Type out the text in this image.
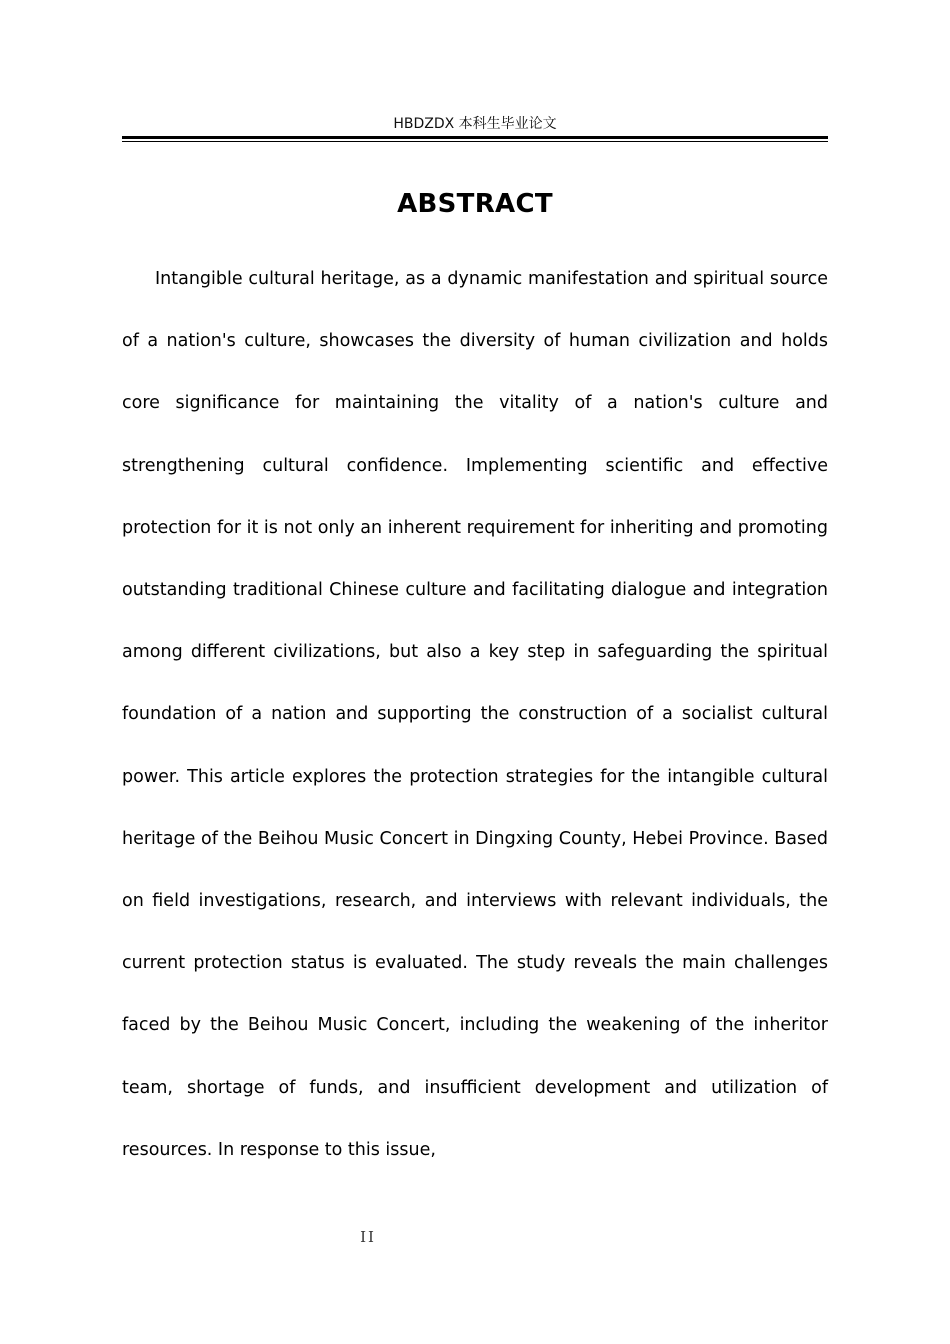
HBDZDX 本科生毕业论文
ABSTRACT

Intangible cultural heritage, as a dynamic manifestation and spiritual source of a nation's culture, showcases the diversity of human civilization and holds core significance for maintaining the vitality of a nation's culture and strengthening cultural confidence. Implementing scientific and effective protection for it is not only an inherent requirement for inheriting and promoting outstanding traditional Chinese culture and facilitating dialogue and integration among different civilizations, but also a key step in safeguarding the spiritual foundation of a nation and supporting the construction of a socialist cultural power. This article explores the protection strategies for the intangible cultural heritage of the Beihou Music Concert in Dingxing County, Hebei Province. Based on field investigations, research, and interviews with relevant individuals, the current protection status is evaluated. The study reveals the main challenges faced by the Beihou Music Concert, including the weakening of the inheritor team, shortage of funds, and insufficient development and utilization of resources. In response to this issue,

II
